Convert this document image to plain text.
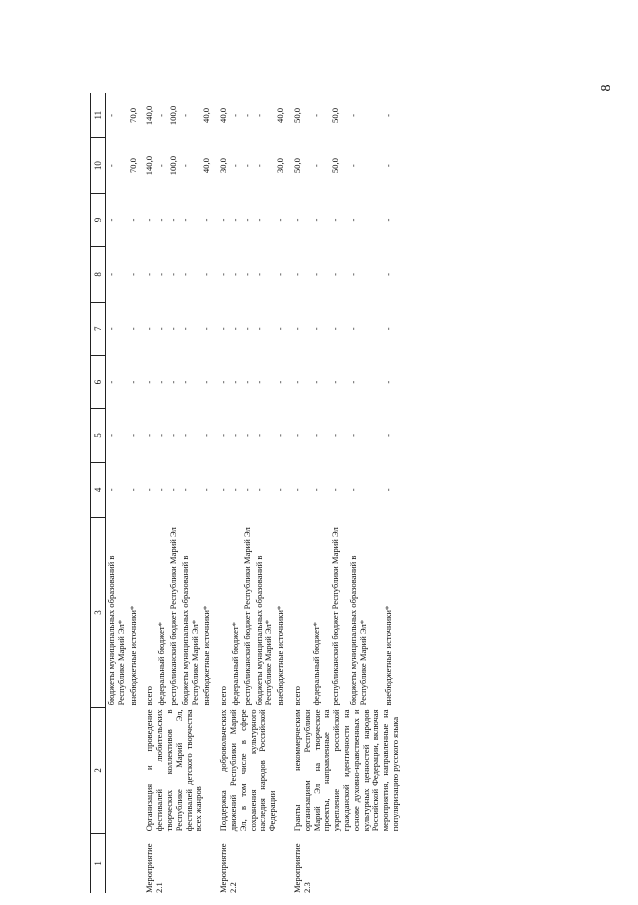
8
1	2	3	4	5	6	7	8	9	10	11
		бюджеты муниципальных образований в Республике Марий Эл*	-	-	-	-	-	-	-	-
		внебюджетные источники*	-	-	-	-	-	-	70,0	70,0

Мероприятие 2.1	Организация и проведение фестивалей любительских творческих коллективов в Республике Марий Эл, фестивалей детского творчества всех жанров	всего	-	-	-	-	-	-	140,0	140,0
		федеральный бюджет*	-	-	-	-	-	-	-	-
		республиканский бюджет Республики Марий Эл	-	-	-	-	-	-	100,0	100,0
		бюджеты муниципальных образований в Республике Марий Эл*	-	-	-	-	-	-	-	-
		внебюджетные источники*	-	-	-	-	-	-	40,0	40,0

Мероприятие 2.2	Поддержка добровольческих движений Республики Марий Эл, в том числе в сфере сохранения культурного наследия народов Российской Федерации	всего	-	-	-	-	-	-	30,0	40,0
		федеральный бюджет*	-	-	-	-	-	-	-	-
		республиканский бюджет Республики Марий Эл	-	-	-	-	-	-	-	-
		бюджеты муниципальных образований в Республике Марий Эл*	-	-	-	-	-	-	-	-
		внебюджетные источники*	-	-	-	-	-	-	30,0	40,0

Мероприятие 2.3	Гранты некоммерческим организациям Республики Марий Эл на творческие проекты, направленные на укрепление российской гражданской идентичности на основе духовно-нравственных и культурных ценностей народов Российской Федерации, включая мероприятия, направленные на популяризацию русского языка	всего	-	-	-	-	-	-	50,0	50,0
		федеральный бюджет*	-	-	-	-	-	-	-	-
		республиканский бюджет Республики Марий Эл	-	-	-	-	-	-	50,0	50,0
		бюджеты муниципальных образований в Республике Марий Эл*	-	-	-	-	-	-	-	-
		внебюджетные источники*	-	-	-	-	-	-	-	-
